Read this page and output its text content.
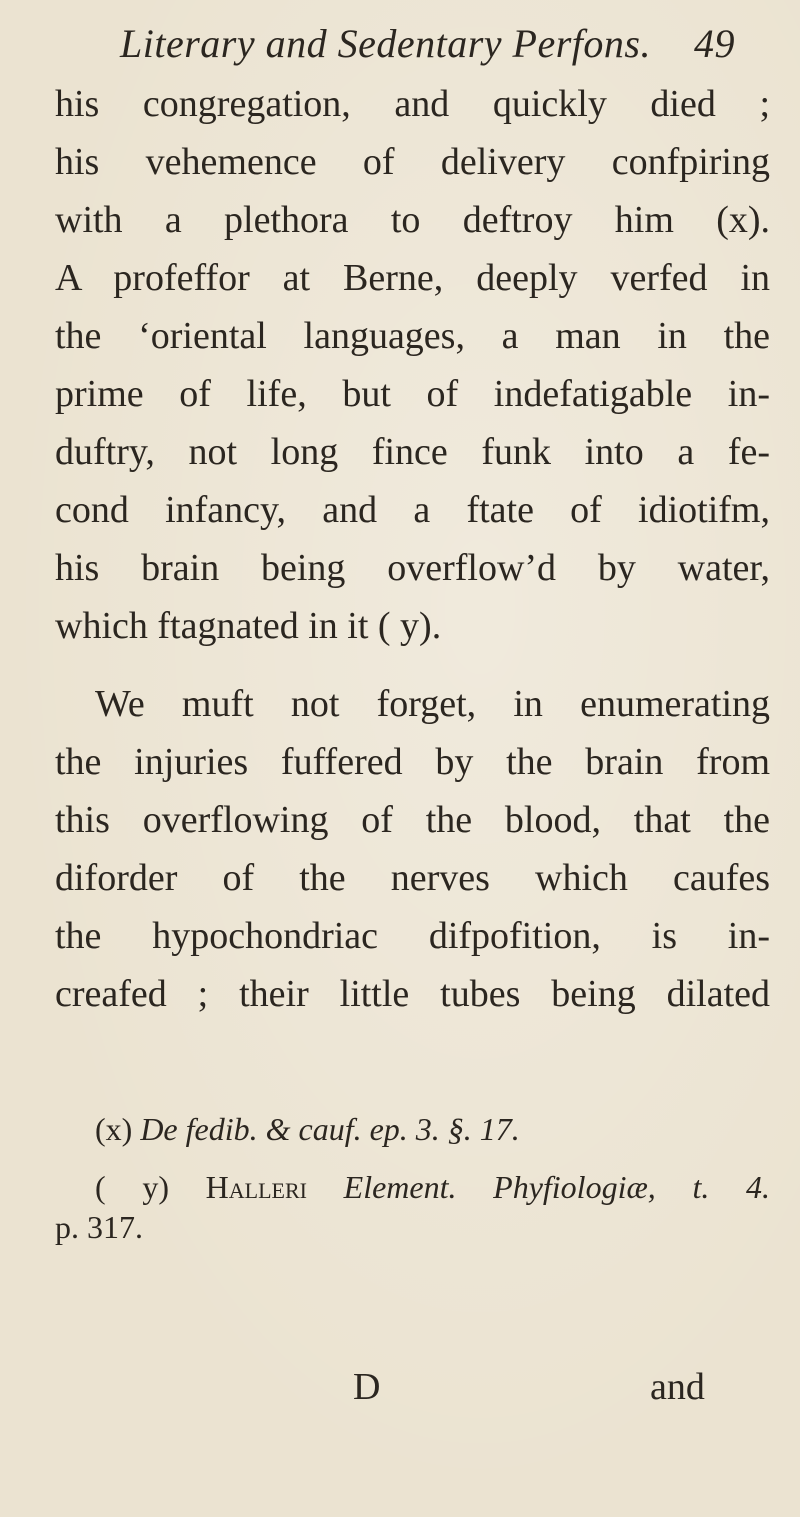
Literary and Sedentary Perfons. 49
his congregation, and quickly died ;
his vehemence of delivery confpiring
with a plethora to deftroy him (x).
A profeffor at Berne, deeply verfed in
the ‘oriental languages, a man in the
prime of life, but of indefatigable in-
duftry, not long fince funk into a fe-
cond infancy, and a ftate of idiotifm,
his brain being overflow’d by water,
which ftagnated in it ( y).
We muft not forget, in enumerating
the injuries fuffered by the brain from
this overflowing of the blood, that the
diforder of the nerves which caufes
the hypochondriac difpofition, is in-
creafed ; their little tubes being dilated
(x) De fedib. & cauf. ep. 3. §. 17.
( y) Halleri Element. Phyfiologiæ, t. 4.
p. 317.
D	and
